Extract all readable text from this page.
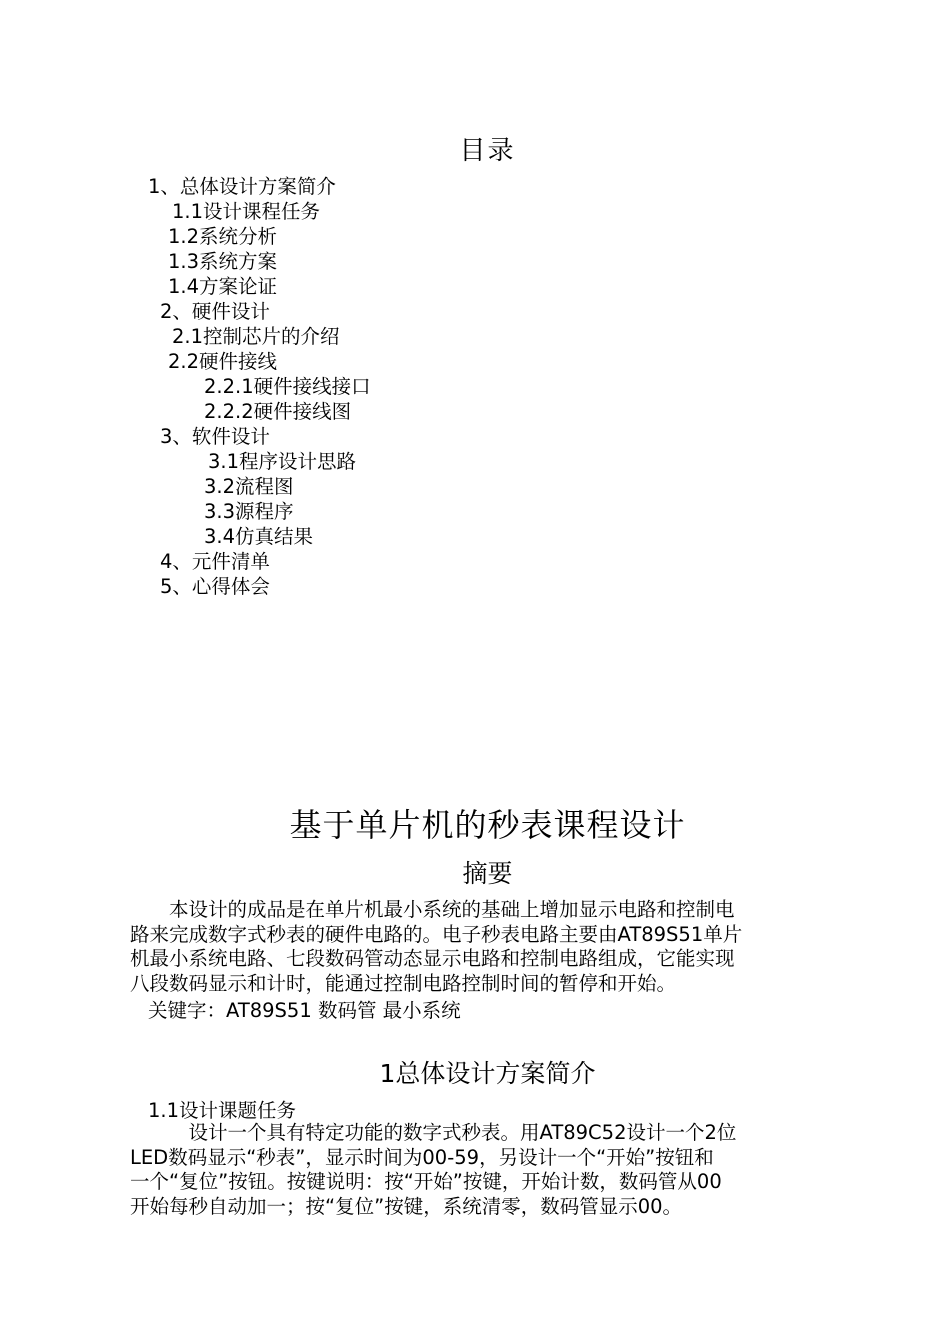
目录
1、总体设计方案简介
1.1设计课程任务
1.2系统分析
1.3系统方案
1.4方案论证
2、硬件设计
2.1控制芯片的介绍
2.2硬件接线
2.2.1硬件接线接口
2.2.2硬件接线图
3、软件设计
3.1程序设计思路
3.2流程图
3.3源程序
3.4仿真结果
4、元件清单
5、心得体会
基于单片机的秒表课程设计
摘要
　　本设计的成品是在单片机最小系统的基础上增加显示电路和控制电
路来完成数字式秒表的硬件电路的。电子秒表电路主要由AT89S51单片
机最小系统电路、七段数码管动态显示电路和控制电路组成，它能实现
八段数码显示和计时，能通过控制电路控制时间的暂停和开始。
关键字：AT89S51 数码管 最小系统
1总体设计方案简介
1.1设计课题任务
　　　设计一个具有特定功能的数字式秒表。用AT89C52设计一个2位
LED数码显示“秒表”，显示时间为00-59，另设计一个“开始”按钮和
一个“复位”按钮。按键说明：按“开始”按键，开始计数，数码管从00
开始每秒自动加一；按“复位”按键，系统清零，数码管显示00。
